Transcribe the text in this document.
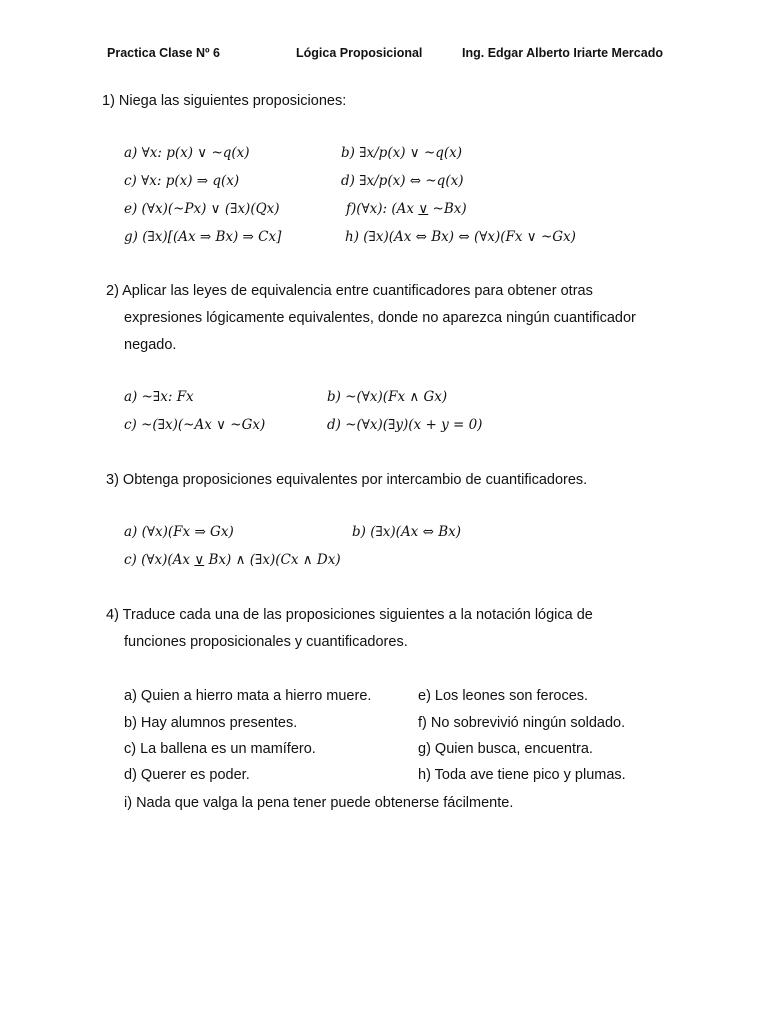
Practica Clase Nº 6	Lógica Proposicional	Ing. Edgar Alberto Iriarte Mercado
1) Niega las siguientes proposiciones:
a) ∀x: p(x) ∨ ~q(x)	b) ∃x/p(x) ∨ ~q(x)
c) ∀x: p(x) ⇒ q(x)	d) ∃x/p(x) ⇔ ~q(x)
e) (∀x)(~Px) ∨ (∃x)(Qx)	f)(∀x): (Ax ∨ ~Bx)
g) (∃x)[(Ax ⇒ Bx) ⇒ Cx]	h) (∃x)(Ax ⇔ Bx) ⇔ (∀x)(Fx ∨ ~Gx)
2) Aplicar las leyes de equivalencia entre cuantificadores para obtener otras
expresiones lógicamente equivalentes, donde no aparezca ningún cuantificador
negado.
a) ~∃x: Fx	b) ~(∀x)(Fx ∧ Gx)
c) ~(∃x)(~Ax ∨ ~Gx)	d) ~(∀x)(∃y)(x + y = 0)
3) Obtenga proposiciones equivalentes por intercambio de cuantificadores.
a) (∀x)(Fx ⇒ Gx)	b) (∃x)(Ax ⇔ Bx)
c) (∀x)(Ax ∨ Bx) ∧ (∃x)(Cx ∧ Dx)
4) Traduce cada una de las proposiciones siguientes a la notación lógica de
funciones proposicionales y cuantificadores.
a) Quien a hierro mata a hierro muere.	e) Los leones son feroces.
b) Hay alumnos presentes.	f) No sobrevivió ningún soldado.
c) La ballena es un mamífero.	g) Quien busca, encuentra.
d) Querer es poder.	h) Toda ave tiene pico y plumas.
i) Nada que valga la pena tener puede obtenerse fácilmente.
